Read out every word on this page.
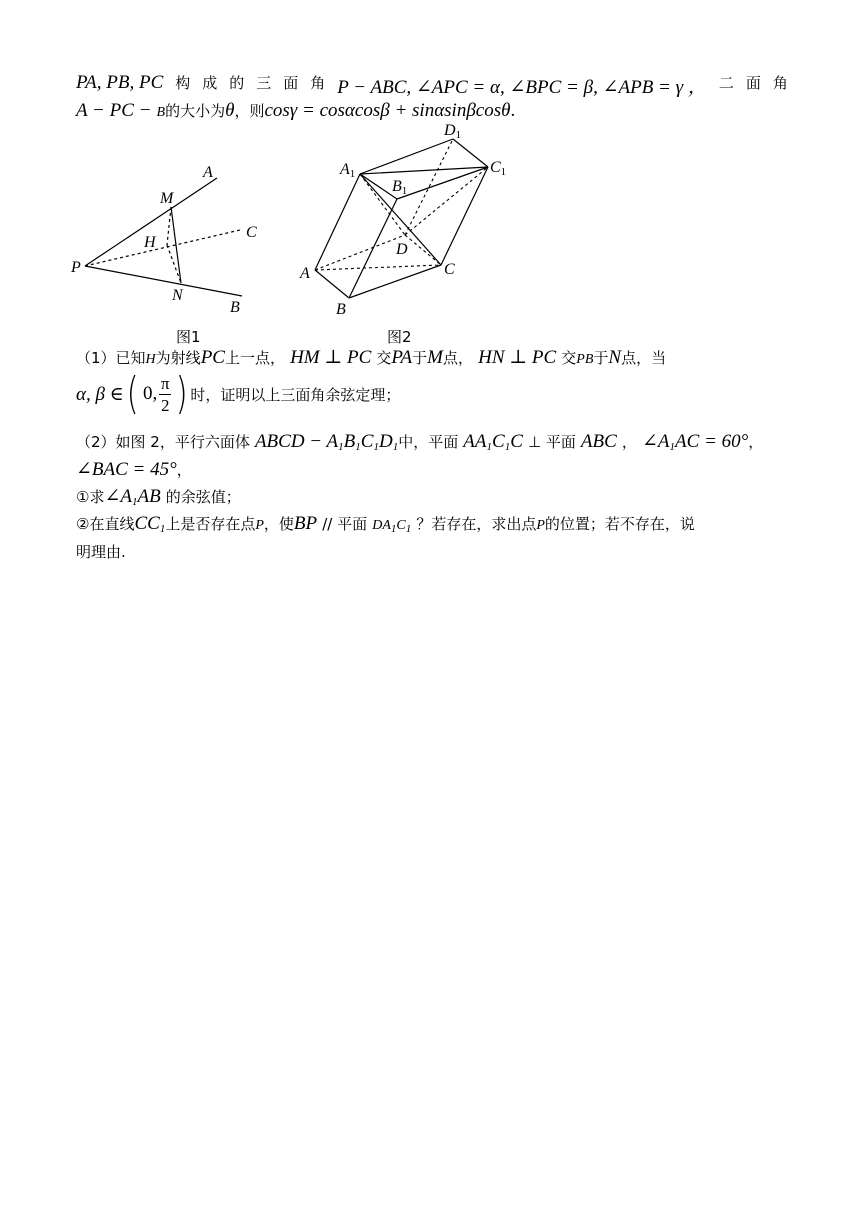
PA, PB, PC 构 成 的 三 面 角 P − ABC, ∠APC = α, ∠BPC = β, ∠APB = γ ， 二 面 角
A − PC − B的大小为θ，则cosγ = cosαcosβ + sinαsinβcosθ.
A
M
C
H
P
N
B
图1
D1
A1
B1
C1
D
A	C
B
图2
（1）已知H为射线PC上一点， HM ⊥ PC 交PA于M点， HN ⊥ PC 交PB于N点，当
α, β ∈ ( 0, $\frac{\pi}{2}$ ) 时，证明以上三面角余弦定理；
（2）如图 2，平行六面体 ABCD − $A_1B_1C_1D_1$中，平面 $AA_1C_1C$ ⊥ 平面 ABC ， $\angle A_1AC = 60^\circ$，
∠BAC = 45°，
①求$\angle A_1AB$ 的余弦值；
②在直线$CC_1$上是否存在点P，使BP // 平面 $DA_1C_1$ ？若存在，求出点P的位置；若不存在，说
明理由.
